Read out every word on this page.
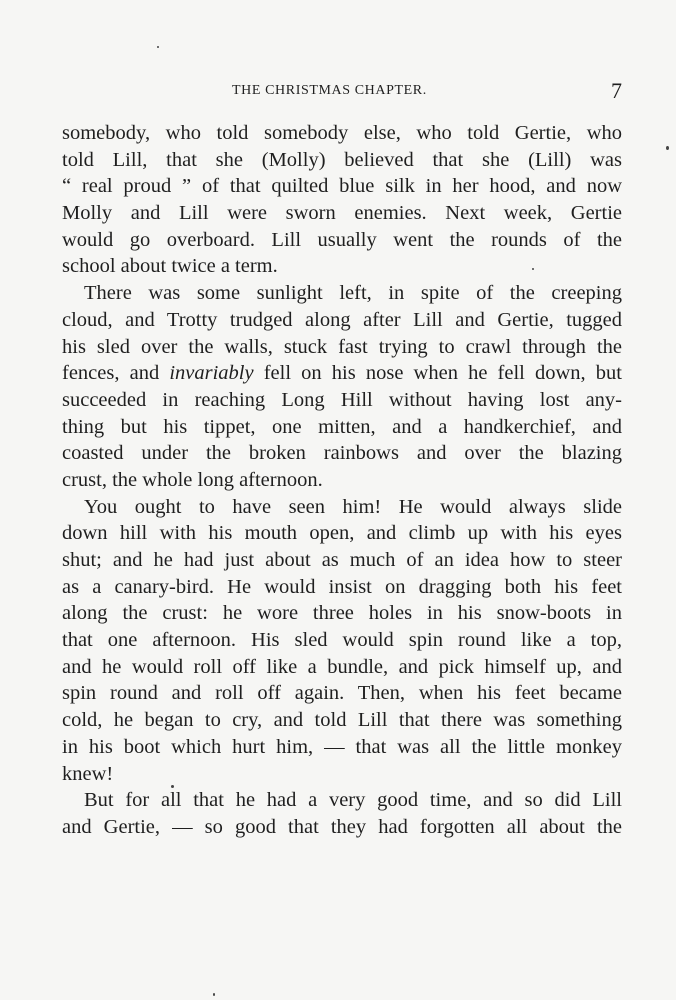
THE CHRISTMAS CHAPTER.	7
somebody, who told somebody else, who told Gertie, who
told Lill, that she (Molly) believed that she (Lill) was
“ real proud ” of that quilted blue silk in her hood, and now
Molly and Lill were sworn enemies. Next week, Gertie
would go overboard. Lill usually went the rounds of the
school about twice a term.
There was some sunlight left, in spite of the creeping
cloud, and Trotty trudged along after Lill and Gertie, tugged
his sled over the walls, stuck fast trying to crawl through the
fences, and invariably fell on his nose when he fell down, but
succeeded in reaching Long Hill without having lost any-
thing but his tippet, one mitten, and a handkerchief, and
coasted under the broken rainbows and over the blazing
crust, the whole long afternoon.
You ought to have seen him! He would always slide
down hill with his mouth open, and climb up with his eyes
shut; and he had just about as much of an idea how to steer
as a canary-bird. He would insist on dragging both his feet
along the crust: he wore three holes in his snow-boots in
that one afternoon. His sled would spin round like a top,
and he would roll off like a bundle, and pick himself up, and
spin round and roll off again. Then, when his feet became
cold, he began to cry, and told Lill that there was something
in his boot which hurt him, — that was all the little monkey
knew!
But for all that he had a very good time, and so did Lill
and Gertie, — so good that they had forgotten all about the
